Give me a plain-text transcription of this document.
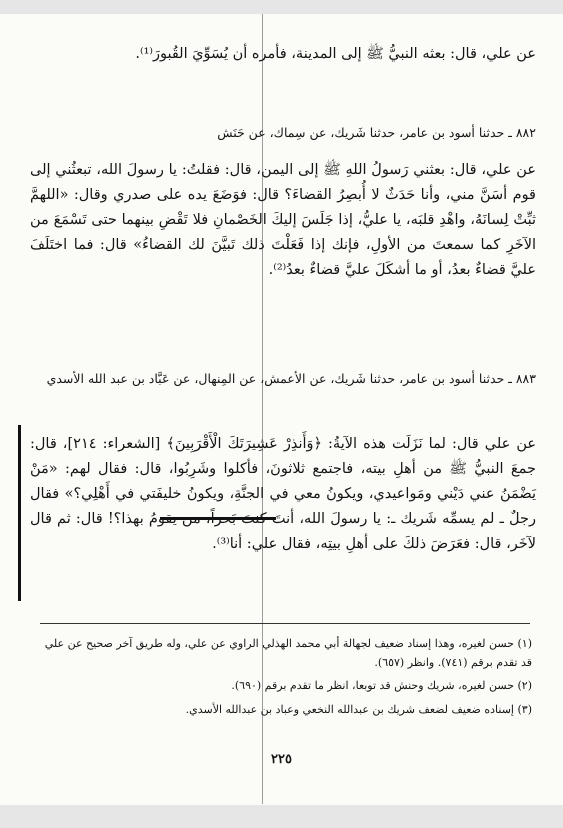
عن علي، قال: بعثه النبيُّ ﷺ إلى المدينة، فأمره أن يُسَوِّيَ القُبورَ⁽¹⁾.

٨٨٢ ـ حدثنا أسود بن عامر، حدثنا شَريك، عن سِماك، عن حَنَش

عن علي، قال: بعثني رَسولُ اللهِ ﷺ إلى اليمن، قال: فقلتُ: يا رسولَ الله، تبعثُني إلى قوم أسَنَّ مني، وأنا حَدَثٌ لا أُبصِرُ القضاءَ؟ قال: فوَضَعَ يده على صدري وقال: «اللهمَّ ثبِّتْ لِسانَهُ، واهْدِ قلبَه، يا عليُّ، إذا جَلَسَ إليكَ الخَصْمانِ فلا تَقْضِ بينهما حتى تَسْمَعَ من الآخَرِ كما سمعتَ من الأولِ، فإنك إذا فَعَلْتَ ذلك تَبيَّنَ لك القضاءُ» قال: فما اختَلَفَ عليَّ قضاءٌ بعدُ، أو ما أشكَلَ عليَّ قضاءٌ بعدُ⁽²⁾.

٨٨٣ ـ حدثنا أسود بن عامر، حدثنا شَريك، عن الأعمش، عن المِنهال، عن عَبَّاد بن عبد الله الأسدي

عن علي قال: لما نَزَلَت هذه الآيةُ: ﴿وَأَنذِرْ عَشِيرَتَكَ الْأَقْرَبِينَ﴾ [الشعراء: ٢١٤]، قال: جمعَ النبيُّ ﷺ من أهلِ بيته، فاجتمع ثلاثونَ، فأكلوا وشَرِبُوا، قال: فقال لهم: «مَنْ يَضْمَنُ عني دَيْني ومَواعيدي، ويكونُ معي في الجنَّةِ، ويكونُ خليفَتي في أَهْلِي؟» فقال رجلٌ ـ لم يسمِّه شَريك ـ: يا رسولَ الله، أنتَ كنتَ بَحراً، من يقومُ بهذا؟! قال: ثم قال لآخَر، قال: فعَرَضَ ذلكَ على أهلِ بيتِه، فقال علي: أنا⁽³⁾.

(١) حسن لغيره، وهذا إسناد ضعيف لجهالة أبي محمد الهذلي الراوي عن علي، وله طريق آخر صحيح عن علي قد تقدم برقم (٧٤١). وانظر (٦٥٧).

(٢) حسن لغيره، شريك وحنش قد توبعا، انظر ما تقدم برقم (٦٩٠).

(٣) إسناده ضعيف لضعف شريك بن عبدالله النخعي وعباد بن عبدالله الأسدي.

٢٢٥
